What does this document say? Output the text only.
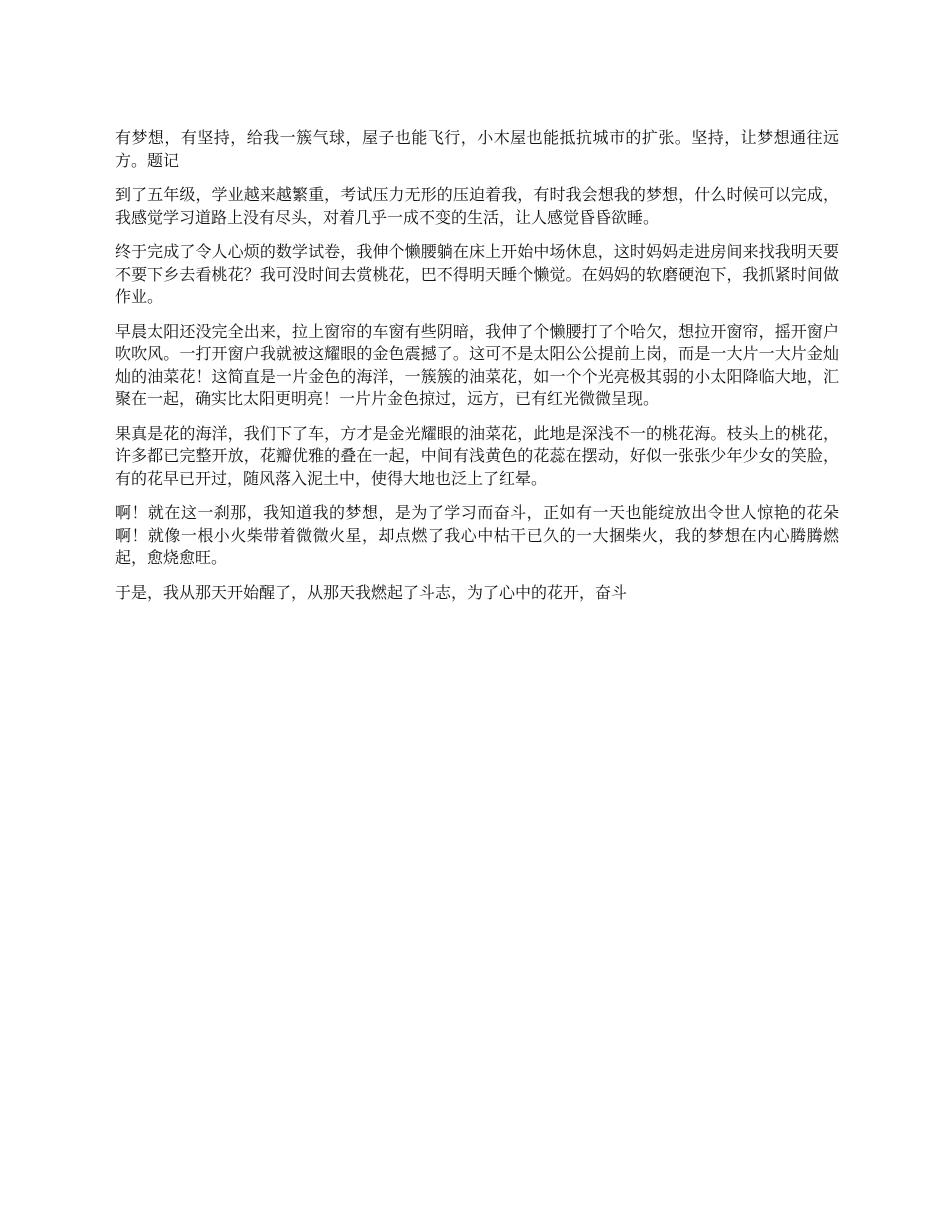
有梦想，有坚持，给我一簇气球，屋子也能飞行，小木屋也能抵抗城市的扩张。坚持，让梦想通往远方。题记

到了五年级，学业越来越繁重，考试压力无形的压迫着我，有时我会想我的梦想，什么时候可以完成，我感觉学习道路上没有尽头，对着几乎一成不变的生活，让人感觉昏昏欲睡。

终于完成了令人心烦的数学试卷，我伸个懒腰躺在床上开始中场休息，这时妈妈走进房间来找我明天要不要下乡去看桃花？我可没时间去赏桃花，巴不得明天睡个懒觉。在妈妈的软磨硬泡下，我抓紧时间做作业。

早晨太阳还没完全出来，拉上窗帘的车窗有些阴暗，我伸了个懒腰打了个哈欠，想拉开窗帘，摇开窗户吹吹风。一打开窗户我就被这耀眼的金色震撼了。这可不是太阳公公提前上岗，而是一大片一大片金灿灿的油菜花！这简直是一片金色的海洋，一簇簇的油菜花，如一个个光亮极其弱的小太阳降临大地，汇聚在一起，确实比太阳更明亮！一片片金色掠过，远方，已有红光微微呈现。

果真是花的海洋，我们下了车，方才是金光耀眼的油菜花，此地是深浅不一的桃花海。枝头上的桃花，许多都已完整开放，花瓣优雅的叠在一起，中间有浅黄色的花蕊在摆动，好似一张张少年少女的笑脸，有的花早已开过，随风落入泥土中，使得大地也泛上了红晕。

啊！就在这一刹那，我知道我的梦想，是为了学习而奋斗，正如有一天也能绽放出令世人惊艳的花朵啊！就像一根小火柴带着微微火星，却点燃了我心中枯干已久的一大捆柴火，我的梦想在内心腾腾燃起，愈烧愈旺。

于是，我从那天开始醒了，从那天我燃起了斗志，为了心中的花开，奋斗
